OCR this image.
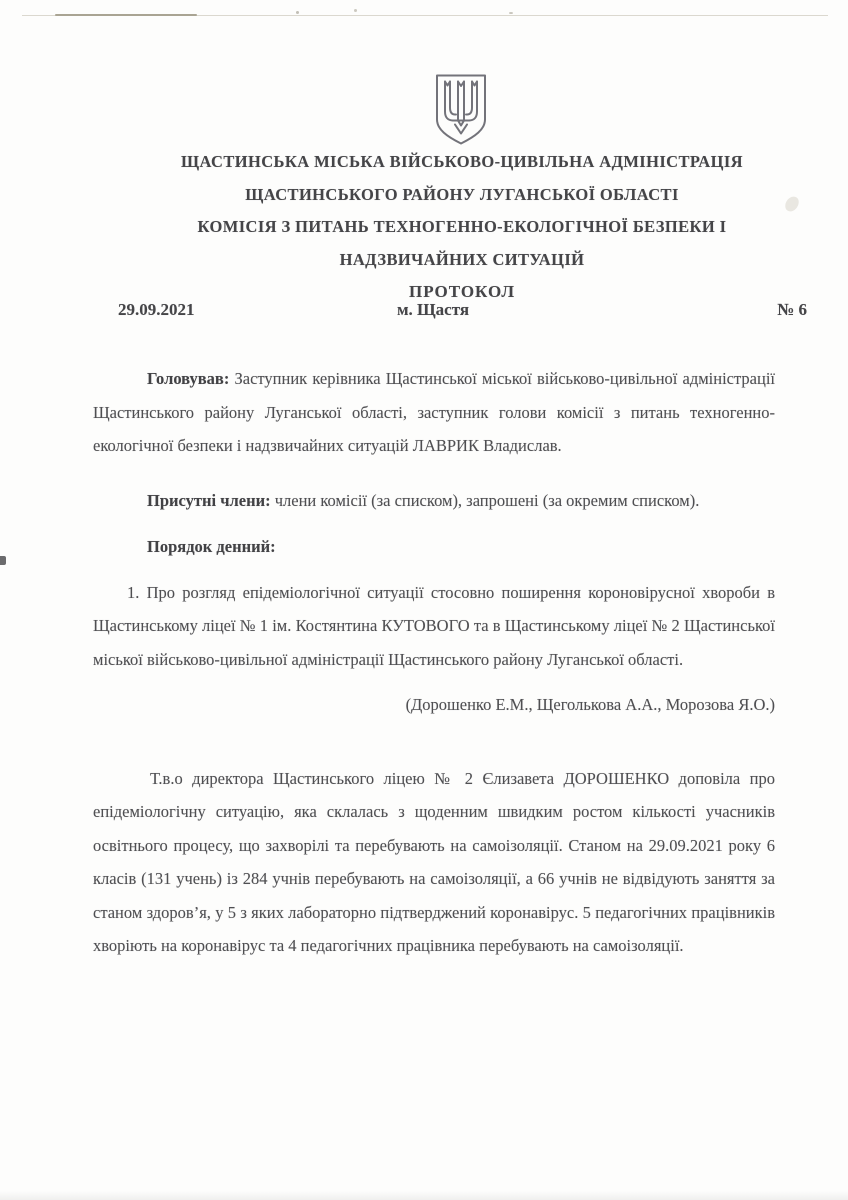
ЩАСТИНСЬКА МІСЬКА ВІЙСЬКОВО-ЦИВІЛЬНА АДМІНІСТРАЦІЯ
ЩАСТИНСЬКОГО РАЙОНУ ЛУГАНСЬКОЇ ОБЛАСТІ
КОМІСІЯ З ПИТАНЬ ТЕХНОГЕННО-ЕКОЛОГІЧНОЇ БЕЗПЕКИ І
НАДЗВИЧАЙНИХ СИТУАЦІЙ
ПРОТОКОЛ
29.09.2021	м. Щастя	№ 6

Головував: Заступник керівника Щастинської міської військово-цивільної адміністрації Щастинського району Луганської області, заступник голови комісії з питань техногенно-екологічної безпеки і надзвичайних ситуацій ЛАВРИК Владислав.

Присутні члени: члени комісії (за списком), запрошені (за окремим списком).

Порядок денний:

1. Про розгляд епідеміологічної ситуації стосовно поширення короновірусної хвороби в Щастинському ліцеї № 1 ім. Костянтина КУТОВОГО та в Щастинському ліцеї № 2 Щастинської міської військово-цивільної адміністрації Щастинського району Луганської області.

(Дорошенко Е.М., Щеголькова А.А., Морозова Я.О.)

Т.в.о директора Щастинського ліцею № 2 Єлизавета ДОРОШЕНКО доповіла про епідеміологічну ситуацію, яка склалась з щоденним швидким ростом кількості учасників освітнього процесу, що захворілі та перебувають на самоізоляції. Станом на 29.09.2021 року 6 класів (131 учень) із 284 учнів перебувають на самоізоляції, а 66 учнів не відвідують заняття за станом здоров’я, у 5 з яких лабораторно підтверджений коронавірус. 5 педагогічних працівників хворіють на коронавірус та 4 педагогічних працівника перебувають на самоізоляції.
